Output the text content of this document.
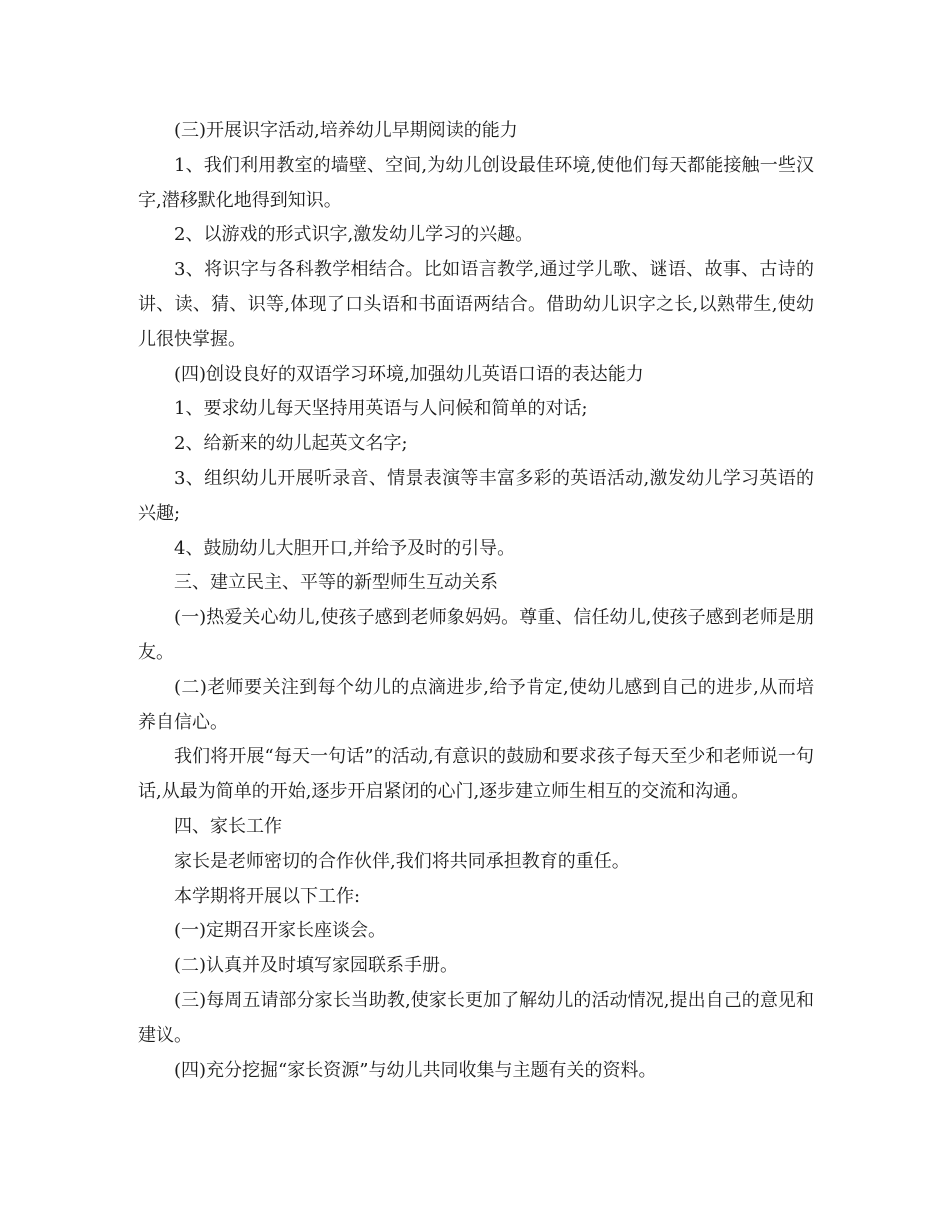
(三)开展识字活动,培养幼儿早期阅读的能力

1、我们利用教室的墙壁、空间,为幼儿创设最佳环境,使他们每天都能接触一些汉字,潜移默化地得到知识。

2、以游戏的形式识字,激发幼儿学习的兴趣。

3、将识字与各科教学相结合。比如语言教学,通过学儿歌、谜语、故事、古诗的讲、读、猜、识等,体现了口头语和书面语两结合。借助幼儿识字之长,以熟带生,使幼儿很快掌握。

(四)创设良好的双语学习环境,加强幼儿英语口语的表达能力

1、要求幼儿每天坚持用英语与人问候和简单的对话;

2、给新来的幼儿起英文名字;

3、组织幼儿开展听录音、情景表演等丰富多彩的英语活动,激发幼儿学习英语的兴趣;

4、鼓励幼儿大胆开口,并给予及时的引导。

三、建立民主、平等的新型师生互动关系

(一)热爱关心幼儿,使孩子感到老师象妈妈。尊重、信任幼儿,使孩子感到老师是朋友。

(二)老师要关注到每个幼儿的点滴进步,给予肯定,使幼儿感到自己的进步,从而培养自信心。

我们将开展“每天一句话”的活动,有意识的鼓励和要求孩子每天至少和老师说一句话,从最为简单的开始,逐步开启紧闭的心门,逐步建立师生相互的交流和沟通。

四、家长工作

家长是老师密切的合作伙伴,我们将共同承担教育的重任。

本学期将开展以下工作:

(一)定期召开家长座谈会。

(二)认真并及时填写家园联系手册。

(三)每周五请部分家长当助教,使家长更加了解幼儿的活动情况,提出自己的意见和建议。

(四)充分挖掘“家长资源”与幼儿共同收集与主题有关的资料。
